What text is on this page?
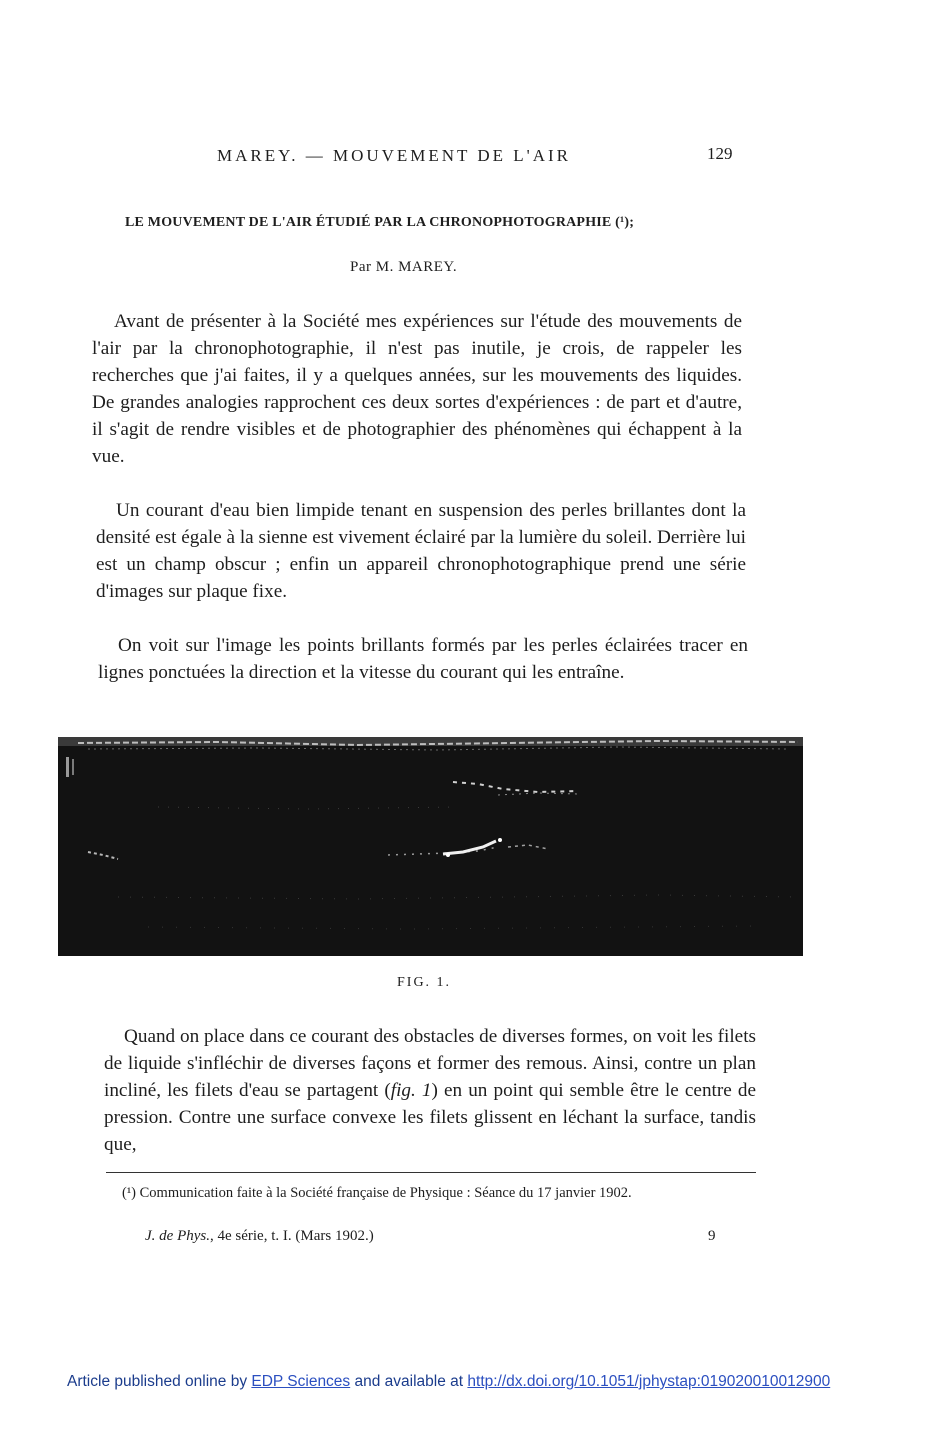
MAREY. — MOUVEMENT DE L'AIR	129
LE MOUVEMENT DE L'AIR ÉTUDIÉ PAR LA CHRONOPHOTOGRAPHIE (¹);
Par M. MAREY.

Avant de présenter à la Société mes expériences sur l'étude des mouvements de l'air par la chronophotographie, il n'est pas inutile, je crois, de rappeler les recherches que j'ai faites, il y a quelques années, sur les mouvements des liquides. De grandes analogies rapprochent ces deux sortes d'expériences : de part et d'autre, il s'agit de rendre visibles et de photographier des phénomènes qui échappent à la vue.

Un courant d'eau bien limpide tenant en suspension des perles brillantes dont la densité est égale à la sienne est vivement éclairé par la lumière du soleil. Derrière lui est un champ obscur ; enfin un appareil chronophotographique prend une série d'images sur plaque fixe.

On voit sur l'image les points brillants formés par les perles éclairées tracer en lignes ponctuées la direction et la vitesse du courant qui les entraîne.

FIG. 1.

Quand on place dans ce courant des obstacles de diverses formes, on voit les filets de liquide s'infléchir de diverses façons et former des remous. Ainsi, contre un plan incliné, les filets d'eau se partagent (fig. 1) en un point qui semble être le centre de pression. Contre une surface convexe les filets glissent en léchant la surface, tandis que,

(¹) Communication faite à la Société française de Physique : Séance du 17 janvier 1902.

J. de Phys., 4e série, t. I. (Mars 1902.)	9
Article published online by EDP Sciences and available at http://dx.doi.org/10.1051/jphystap:019020010012900
